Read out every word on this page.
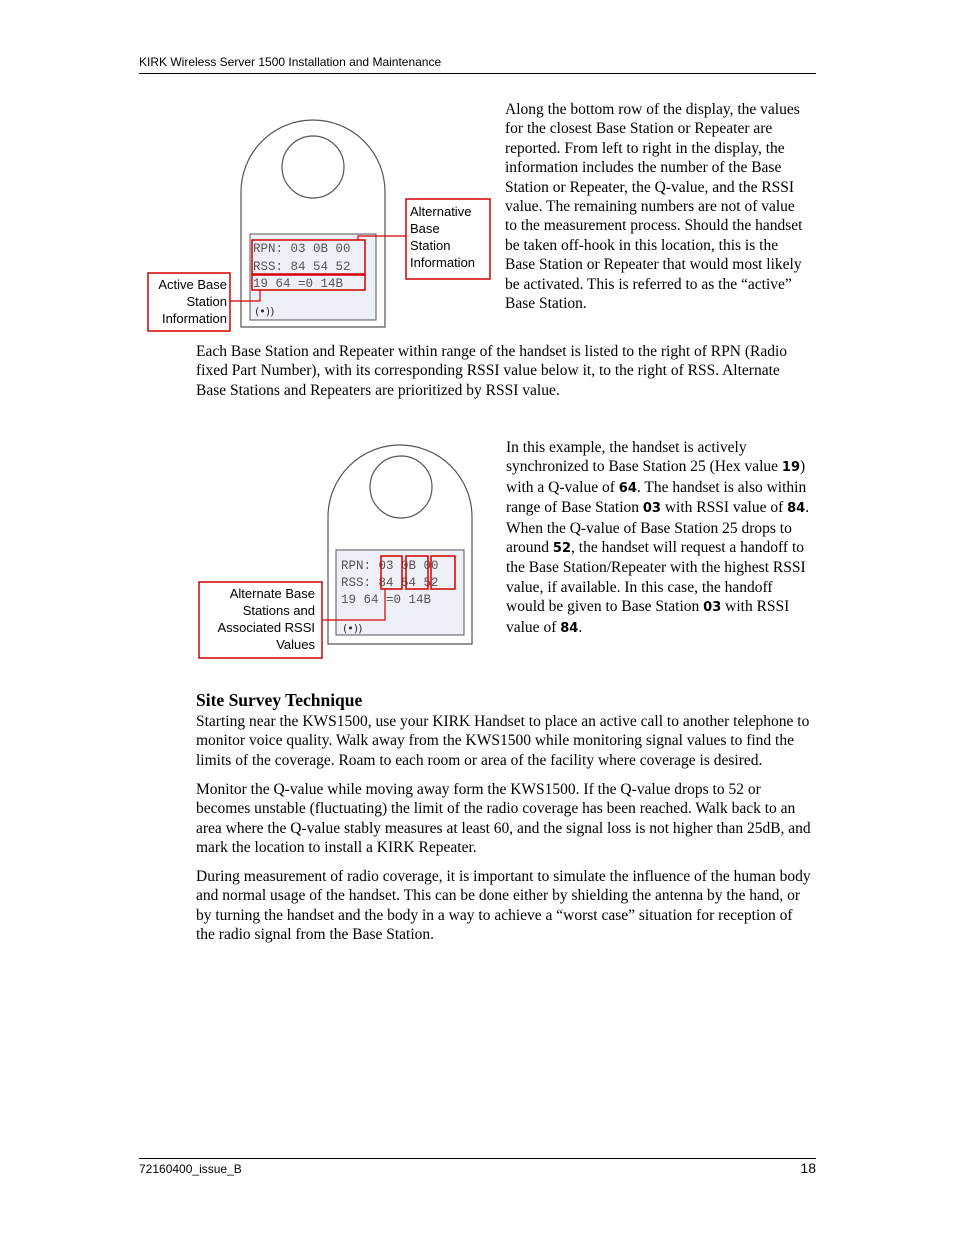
KIRK Wireless Server 1500 Installation and Maintenance
RPN: 03 0B 00
RSS: 84 54 52
19 64 =0 14B
(•))
Alternative
Base
Station
Information
Active Base
Station
Information

Along the bottom row of the display, the values for the closest Base Station or Repeater are reported. From left to right in the display, the information includes the number of the Base Station or Repeater, the Q-value, and the RSSI value. The remaining numbers are not of value to the measurement process. Should the handset be taken off-hook in this location, this is the Base Station or Repeater that would most likely be activated. This is referred to as the “active” Base Station.

Each Base Station and Repeater within range of the handset is listed to the right of RPN (Radio fixed Part Number), with its corresponding RSSI value below it, to the right of RSS. Alternate Base Stations and Repeaters are prioritized by RSSI value.

RPN: 03 0B 00
RSS: 84 54 52
19 64 =0 14B
(•))
Alternate Base
Stations and
Associated RSSI
Values

In this example, the handset is actively synchronized to Base Station 25 (Hex value 19) with a Q-value of 64. The handset is also within range of Base Station 03 with RSSI value of 84. When the Q-value of Base Station 25 drops to around 52, the handset will request a handoff to the Base Station/Repeater with the highest RSSI value, if available. In this case, the handoff would be given to Base Station 03 with RSSI value of 84.

Site Survey Technique

Starting near the KWS1500, use your KIRK Handset to place an active call to another telephone to monitor voice quality. Walk away from the KWS1500 while monitoring signal values to find the limits of the coverage. Roam to each room or area of the facility where coverage is desired.

Monitor the Q-value while moving away form the KWS1500. If the Q-value drops to 52 or becomes unstable (fluctuating) the limit of the radio coverage has been reached. Walk back to an area where the Q-value stably measures at least 60, and the signal loss is not higher than 25dB, and mark the location to install a KIRK Repeater.

During measurement of radio coverage, it is important to simulate the influence of the human body and normal usage of the handset. This can be done either by shielding the antenna by the hand, or by turning the handset and the body in a way to achieve a “worst case” situation for reception of the radio signal from the Base Station.

72160400_issue_B	18
